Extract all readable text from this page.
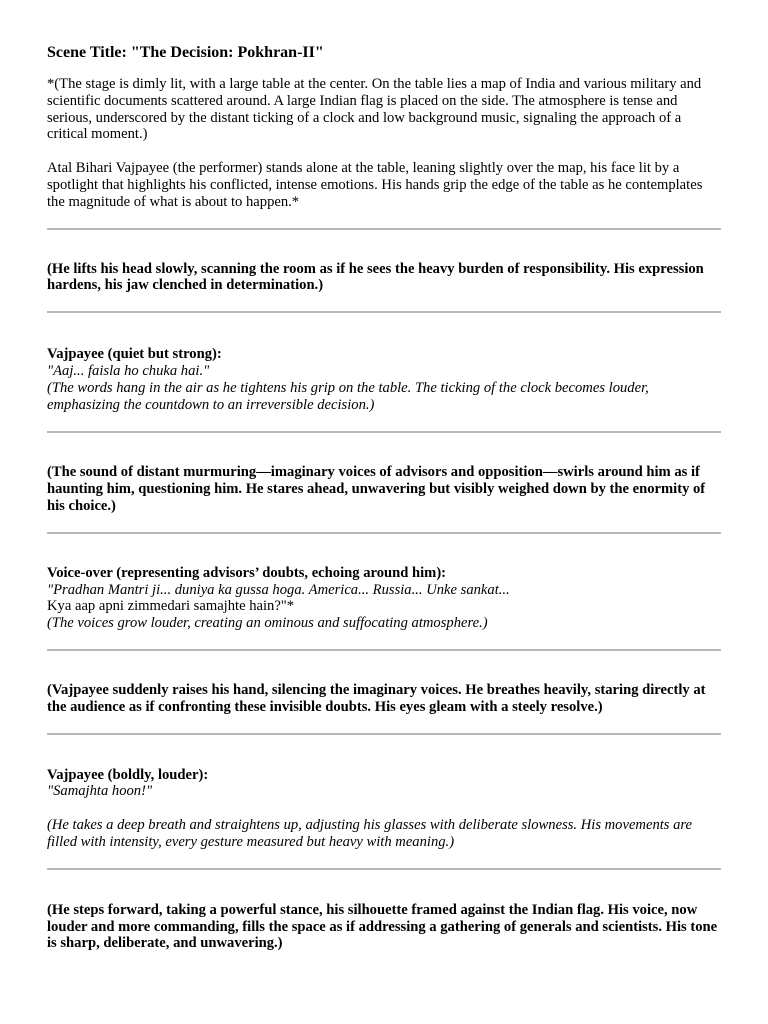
Scene Title: "The Decision: Pokhran-II"

*(The stage is dimly lit, with a large table at the center. On the table lies a map of India and various military and scientific documents scattered around. A large Indian flag is placed on the side. The atmosphere is tense and serious, underscored by the distant ticking of a clock and low background music, signaling the approach of a critical moment.)

Atal Bihari Vajpayee (the performer) stands alone at the table, leaning slightly over the map, his face lit by a spotlight that highlights his conflicted, intense emotions. His hands grip the edge of the table as he contemplates the magnitude of what is about to happen.*

(He lifts his head slowly, scanning the room as if he sees the heavy burden of responsibility. His expression hardens, his jaw clenched in determination.)

Vajpayee (quiet but strong):

"Aaj... faisla ho chuka hai."

(The words hang in the air as he tightens his grip on the table. The ticking of the clock becomes louder, emphasizing the countdown to an irreversible decision.)

(The sound of distant murmuring—imaginary voices of advisors and opposition—swirls around him as if haunting him, questioning him. He stares ahead, unwavering but visibly weighed down by the enormity of his choice.)

Voice-over (representing advisors’ doubts, echoing around him):

"Pradhan Mantri ji... duniya ka gussa hoga. America... Russia... Unke sankat...

Kya aap apni zimmedari samajhte hain?"*

(The voices grow louder, creating an ominous and suffocating atmosphere.)

(Vajpayee suddenly raises his hand, silencing the imaginary voices. He breathes heavily, staring directly at the audience as if confronting these invisible doubts. His eyes gleam with a steely resolve.)

Vajpayee (boldly, louder):

"Samajhta hoon!"

(He takes a deep breath and straightens up, adjusting his glasses with deliberate slowness. His movements are filled with intensity, every gesture measured but heavy with meaning.)

(He steps forward, taking a powerful stance, his silhouette framed against the Indian flag. His voice, now louder and more commanding, fills the space as if addressing a gathering of generals and scientists. His tone is sharp, deliberate, and unwavering.)
